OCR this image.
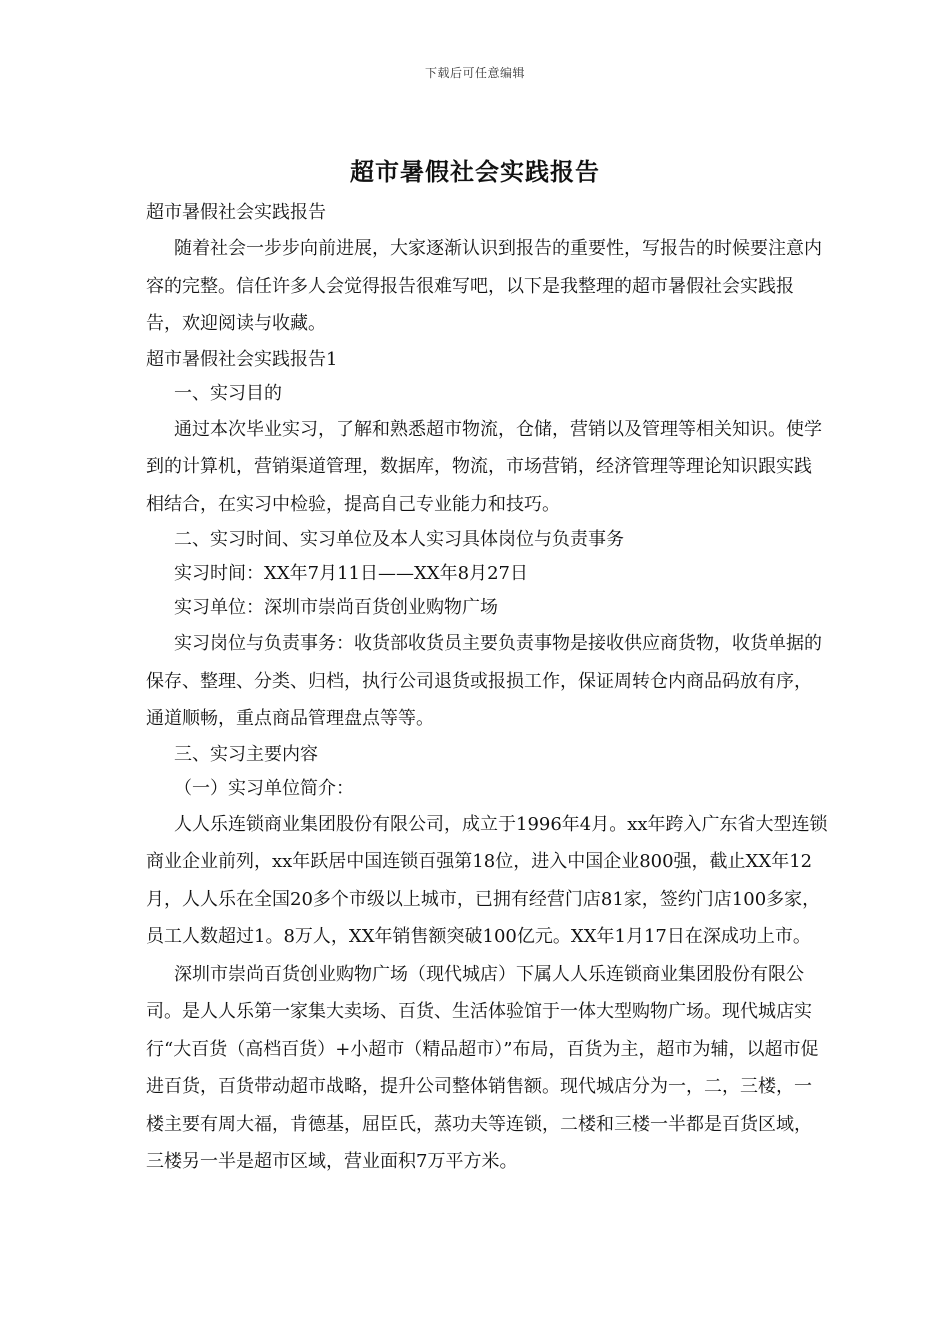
下载后可任意编辑
超市暑假社会实践报告

超市暑假社会实践报告

随着社会一步步向前进展，大家逐渐认识到报告的重要性，写报告的时候要注意内容的完整。信任许多人会觉得报告很难写吧，以下是我整理的超市暑假社会实践报告，欢迎阅读与收藏。

超市暑假社会实践报告1

一、实习目的

通过本次毕业实习，了解和熟悉超市物流，仓储，营销以及管理等相关知识。使学到的计算机，营销渠道管理，数据库，物流，市场营销，经济管理等理论知识跟实践相结合，在实习中检验，提高自己专业能力和技巧。

二、实习时间、实习单位及本人实习具体岗位与负责事务

实习时间：XX年7月11日——XX年8月27日

实习单位：深圳市崇尚百货创业购物广场

实习岗位与负责事务：收货部收货员主要负责事物是接收供应商货物，收货单据的保存、整理、分类、归档，执行公司退货或报损工作，保证周转仓内商品码放有序，通道顺畅，重点商品管理盘点等等。

三、实习主要内容

（一）实习单位简介：

人人乐连锁商业集团股份有限公司，成立于1996年4月。xx年跨入广东省大型连锁商业企业前列，xx年跃居中国连锁百强第18位，进入中国企业800强，截止XX年12月，人人乐在全国20多个市级以上城市，已拥有经营门店81家，签约门店100多家，员工人数超过1。8万人，XX年销售额突破100亿元。XX年1月17日在深成功上市。

深圳市崇尚百货创业购物广场（现代城店）下属人人乐连锁商业集团股份有限公司。是人人乐第一家集大卖场、百货、生活体验馆于一体大型购物广场。现代城店实行“大百货（高档百货）+小超市（精品超市）”布局，百货为主，超市为辅，以超市促进百货，百货带动超市战略，提升公司整体销售额。现代城店分为一，二，三楼，一楼主要有周大福，肯德基，屈臣氏，蒸功夫等连锁，二楼和三楼一半都是百货区域，三楼另一半是超市区域，营业面积7万平方米。
